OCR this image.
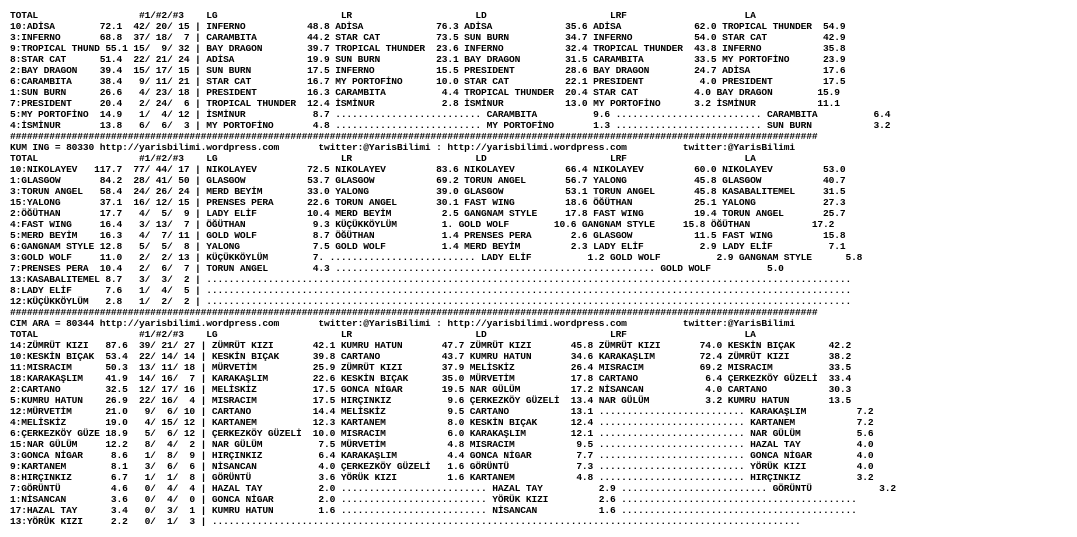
TOTAL                  #1/#2/#3    LG                      LR                      LD                      LRF                     LA
10:ADİSA        72.1  42/ 20/ 15 | INFERNO           48.8 ADİSA             76.3 ADİSA             35.6 ADİSA             62.0 TROPICAL THUNDER  54.9
3:INFERNO       68.8  37/ 18/  7 | CARAMBITA         44.2 STAR CAT          73.5 SUN BURN          34.7 INFERNO           54.0 STAR CAT          42.9
9:TROPICAL THUND 55.1 15/  9/ 32 | BAY DRAGON        39.7 TROPICAL THUNDER  23.6 INFERNO           32.4 TROPICAL THUNDER  43.8 INFERNO           35.8
8:STAR CAT      51.4  22/ 21/ 24 | ADİSA             19.9 SUN BURN          23.1 BAY DRAGON        31.5 CARAMBITA         33.5 MY PORTOFİNO      23.9
2:BAY DRAGON    39.4  15/ 17/ 15 | SUN BURN          17.5 INFERNO           15.5 PRESIDENT         28.6 BAY DRAGON        24.7 ADİSA             17.6
6:CARAMBITA     38.4   9/ 11/ 21 | STAR CAT          16.7 MY PORTOFİNO      10.0 STAR CAT          22.1 PRESIDENT          4.0 PRESIDENT         17.5
1:SUN BURN      26.6   4/ 23/ 18 | PRESIDENT         16.3 CARAMBITA          4.4 TROPICAL THUNDER  20.4 STAR CAT          4.0 BAY DRAGON        15.9
7:PRESIDENT     20.4   2/ 24/  6 | TROPICAL THUNDER  12.4 İSMİNUR            2.8 İSMİNUR           13.0 MY PORTOFİNO      3.2 İSMİNUR           11.1
5:MY PORTOFİNO  14.9   1/  4/ 12 | İSMİNUR            8.7 .......................... CARAMBITA          9.6 .......................... CARAMBITA          6.4
4:İSMİNUR       13.8   6/  6/  3 | MY PORTOFİNO       4.8 .......................... MY PORTOFİNO       1.3 .......................... SUN BURN           3.2
################################################################################################################################################
KUM ING = 80330 http://yarisbilimi.wordpress.com       twitter:@YarisBilimi : http://yarisbilimi.wordpress.com          twitter:@YarisBilimi
TOTAL                  #1/#2/#3    LG                      LR                      LD                      LRF                     LA
10:NIKOLAYEV   117.7  77/ 44/ 17 | NIKOLAYEV         72.5 NIKOLAYEV         83.6 NIKOLAYEV         66.4 NIKOLAYEV         60.0 NIKOLAYEV         53.0
1:GLASGOW       84.2  28/ 41/ 50 | GLASGOW           53.7 GLASGOW           69.2 TORUN ANGEL       56.7 YALONG            45.8 GLASGOW           40.7
3:TORUN ANGEL   58.4  24/ 26/ 24 | MERD BEYİM        33.0 YALONG            39.0 GLASGOW           53.1 TORUN ANGEL       45.8 KASABALITEMEL     31.5
15:YALONG       37.1  16/ 12/ 15 | PRENSES PERA      22.6 TORUN ANGEL       30.1 FAST WING         18.6 ÖĞÜTHAN           25.1 YALONG            27.3
2:ÖĞÜTHAN       17.7   4/  5/  9 | LADY ELİF         10.4 MERD BEYİM         2.5 GANGNAM STYLE     17.8 FAST WING         19.4 TORUN ANGEL       25.7
4:FAST WING     16.4   3/ 13/  7 | ÖĞÜTHAN            9.3 KÜÇÜKKÖYLÜM        1. GOLD WOLF        10.6 GANGNAM STYLE     15.8 ÖĞÜTHAN           17.2
5:MERD BEYİM    16.3   4/  7/ 11 | GOLD WOLF          8.7 ÖĞÜTHAN            1.4 PRENSES PERA       2.6 GLASGOW           11.5 FAST WING         15.8
6:GANGNAM STYLE 12.8   5/  5/  8 | YALONG             7.5 GOLD WOLF          1.4 MERD BEYİM         2.3 LADY ELİF          2.9 LADY ELİF          7.1
3:GOLD WOLF     11.0   2/  2/ 13 | KÜÇÜKKÖYLÜM        7. .......................... LADY ELİF          1.2 GOLD WOLF          2.9 GANGNAM STYLE      5.8
7:PRENSES PERA  10.4   2/  6/  7 | TORUN ANGEL        4.3 ......................................................... GOLD WOLF          5.0
13:KASABALITEMEL 8.7   3/  3/  2 | ...................................................................................................................
8:LADY ELİF      7.6   1/  4/  5 | ...................................................................................................................
12:KÜÇÜKKÖYLÜM   2.8   1/  2/  2 | ...................................................................................................................
################################################################################################################################################
CIM ARA = 80344 http://yarisbilimi.wordpress.com       twitter:@YarisBilimi : http://yarisbilimi.wordpress.com          twitter:@YarisBilimi
TOTAL                  #1/#2/#3    LG                      LR                      LD                      LRF                     LA
14:ZÜMRÜT KIZI   87.6  39/ 21/ 27 | ZÜMRÜT KIZI       42.1 KUMRU HATUN       47.7 ZÜMRÜT KIZI       45.8 ZÜMRÜT KIZI       74.0 KESKİN BIÇAK      42.2
10:KESKİN BIÇAK  53.4  22/ 14/ 14 | KESKİN BIÇAK      39.8 CARTANO           43.7 KUMRU HATUN       34.6 KARAKAŞLIM        72.4 ZÜMRÜT KIZI       38.2
11:MISRACIM      50.3  13/ 11/ 18 | MÜRVETİM          25.9 ZÜMRÜT KIZI       37.9 MELİSKİZ          26.4 MISRACIM          69.2 MISRACIM          33.5
18:KARAKAŞLIM    41.9  14/ 16/  7 | KARAKAŞLIM        22.6 KESKİN BIÇAK      35.0 MÜRVETİM          17.8 CARTANO            6.4 ÇERKEZKÖY GÜZELİ  33.4
2:CARTANO        32.5  12/ 17/ 16 | MELİSKİZ          17.5 GONCA NİGAR       19.5 NAR GÜLÜM         17.2 NİSANCAN           4.0 CARTANO           30.3
5:KUMRU HATUN    26.9  22/ 16/  4 | MISRACIM          17.5 HIRÇINKIZ          9.6 ÇERKEZKÖY GÜZELİ  13.4 NAR GÜLÜM          3.2 KUMRU HATUN       13.5
12:MÜRVETİM      21.0   9/  6/ 10 | CARTANO           14.4 MELİSKİZ           9.5 CARTANO           13.1 .......................... KARAKAŞLIM         7.2
4:MELİSKİZ       19.0   4/ 15/ 12 | KARTANEM          12.3 KARTANEM           8.0 KESKİN BIÇAK      12.4 .......................... KARTANEM           7.2
6:ÇERKEZKÖY GÜZE 18.9   5/  6/ 12 | ÇERKEZKÖY GÜZELİ  10.0 MISRACIM           6.0 KARAKAŞLIM        12.1 .......................... NAR GÜLÜM          5.6
15:NAR GÜLÜM     12.2   8/  4/  2 | NAR GÜLÜM          7.5 MÜRVETİM           4.8 MISRACIM           9.5 .......................... HAZAL TAY          4.0
3:GONCA NİGAR     8.6   1/  8/  9 | HIRÇINKIZ          6.4 KARAKAŞLIM         4.4 GONCA NİGAR        7.7 .......................... GONCA NİGAR        4.0
9:KARTANEM        8.1   3/  6/  6 | NİSANCAN           4.0 ÇERKEZKÖY GÜZELİ   1.6 GÖRÜNTÜ            7.3 .......................... YÖRÜK KIZI         4.0
8:HIRÇINKIZ       6.7   1/  1/  8 | GÖRÜNTÜ            3.6 YÖRÜK KIZI         1.6 KARTANEM           4.8 .......................... HIRÇINKIZ          3.2
7:GÖRÜNTÜ         4.6   0/  4/  4 | HAZAL TAY          2.0 .......................... HAZAL TAY          2.9 .......................... GÖRÜNTÜ            3.2
1:NİSANCAN        3.6   0/  4/  0 | GONCA NİGAR        2.0 .......................... YÖRÜK KIZI         2.6 ..........................................
17:HAZAL TAY      3.4   0/  3/  1 | KUMRU HATUN        1.6 .......................... NİSANCAN           1.6 ..........................................
13:YÖRÜK KIZI     2.2   0/  1/  3 | .........................................................................................................
